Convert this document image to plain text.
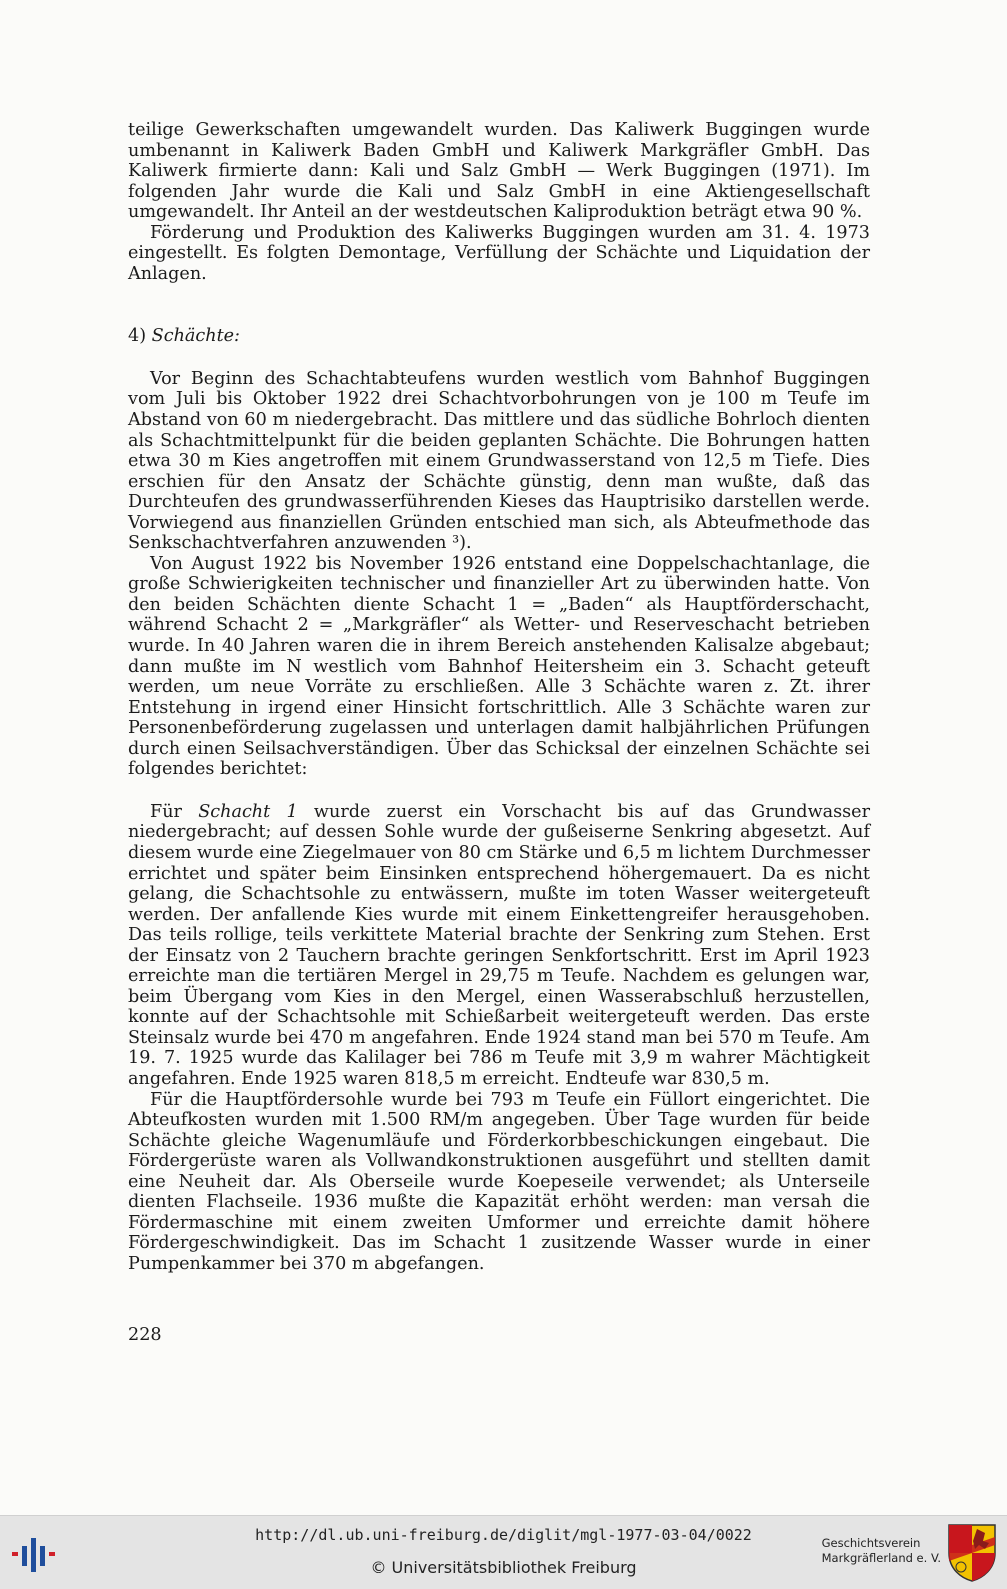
teilige Gewerkschaften umgewandelt wurden. Das Kaliwerk Buggingen wurde umbenannt in Kaliwerk Baden GmbH und Kaliwerk Markgräfler GmbH. Das Kaliwerk firmierte dann: Kali und Salz GmbH — Werk Buggingen (1971). Im folgenden Jahr wurde die Kali und Salz GmbH in eine Aktiengesellschaft umgewandelt. Ihr Anteil an der westdeutschen Kaliproduktion beträgt etwa 90 %.

Förderung und Produktion des Kaliwerks Buggingen wurden am 31. 4. 1973 eingestellt. Es folgten Demontage, Verfüllung der Schächte und Liquidation der Anlagen.

4) Schächte:

Vor Beginn des Schachtabteufens wurden westlich vom Bahnhof Buggingen vom Juli bis Oktober 1922 drei Schachtvorbohrungen von je 100 m Teufe im Abstand von 60 m niedergebracht. Das mittlere und das südliche Bohrloch dienten als Schachtmittelpunkt für die beiden geplanten Schächte. Die Bohrungen hatten etwa 30 m Kies angetroffen mit einem Grundwasserstand von 12,5 m Tiefe. Dies erschien für den Ansatz der Schächte günstig, denn man wußte, daß das Durchteufen des grundwasserführenden Kieses das Hauptrisiko darstellen werde. Vorwiegend aus finanziellen Gründen entschied man sich, als Abteufmethode das Senkschachtverfahren anzuwenden ³).

Von August 1922 bis November 1926 entstand eine Doppelschachtanlage, die große Schwierigkeiten technischer und finanzieller Art zu überwinden hatte. Von den beiden Schächten diente Schacht 1 = „Baden“ als Hauptförderschacht, während Schacht 2 = „Markgräfler“ als Wetter- und Reserveschacht betrieben wurde. In 40 Jahren waren die in ihrem Bereich anstehenden Kalisalze abgebaut; dann mußte im N westlich vom Bahnhof Heitersheim ein 3. Schacht geteuft werden, um neue Vorräte zu erschließen. Alle 3 Schächte waren z. Zt. ihrer Entstehung in irgend einer Hinsicht fortschrittlich. Alle 3 Schächte waren zur Personenbeförderung zugelassen und unterlagen damit halbjährlichen Prüfungen durch einen Seilsachverständigen. Über das Schicksal der einzelnen Schächte sei folgendes berichtet:

Für Schacht 1 wurde zuerst ein Vorschacht bis auf das Grundwasser niedergebracht; auf dessen Sohle wurde der gußeiserne Senkring abgesetzt. Auf diesem wurde eine Ziegelmauer von 80 cm Stärke und 6,5 m lichtem Durchmesser errichtet und später beim Einsinken entsprechend höhergemauert. Da es nicht gelang, die Schachtsohle zu entwässern, mußte im toten Wasser weitergeteuft werden. Der anfallende Kies wurde mit einem Einkettengreifer herausgehoben. Das teils rollige, teils verkittete Material brachte der Senkring zum Stehen. Erst der Einsatz von 2 Tauchern brachte geringen Senkfortschritt. Erst im April 1923 erreichte man die tertiären Mergel in 29,75 m Teufe. Nachdem es gelungen war, beim Übergang vom Kies in den Mergel, einen Wasserabschluß herzustellen, konnte auf der Schachtsohle mit Schießarbeit weitergeteuft werden. Das erste Steinsalz wurde bei 470 m angefahren. Ende 1924 stand man bei 570 m Teufe. Am 19. 7. 1925 wurde das Kalilager bei 786 m Teufe mit 3,9 m wahrer Mächtigkeit angefahren. Ende 1925 waren 818,5 m erreicht. Endteufe war 830,5 m.

Für die Hauptfördersohle wurde bei 793 m Teufe ein Füllort eingerichtet. Die Abteufkosten wurden mit 1.500 RM/m angegeben. Über Tage wurden für beide Schächte gleiche Wagenumläufe und Förderkorbbeschickungen eingebaut. Die Fördergerüste waren als Vollwandkonstruktionen ausgeführt und stellten damit eine Neuheit dar. Als Oberseile wurde Koepeseile verwendet; als Unterseile dienten Flachseile. 1936 mußte die Kapazität erhöht werden: man versah die Fördermaschine mit einem zweiten Umformer und erreichte damit höhere Fördergeschwindigkeit. Das im Schacht 1 zusitzende Wasser wurde in einer Pumpenkammer bei 370 m abgefangen.

228
http://dl.ub.uni-freiburg.de/diglit/mgl-1977-03-04/0022
© Universitätsbibliothek Freiburg
Geschichtsverein
Markgräflerland e. V.
